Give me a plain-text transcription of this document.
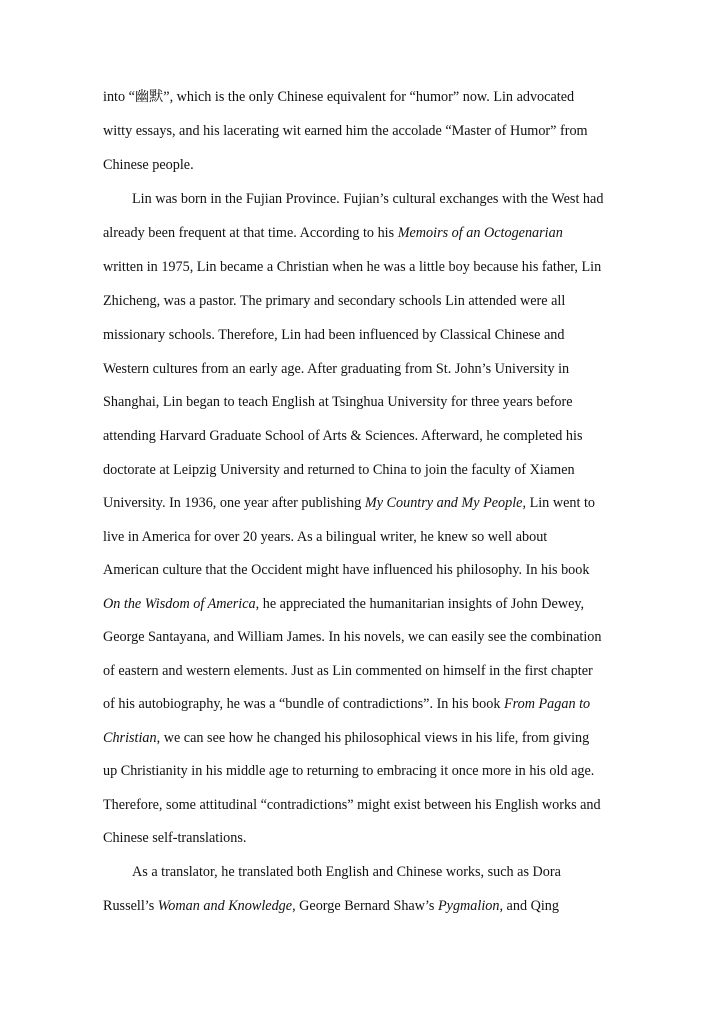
into “幽默”, which is the only Chinese equivalent for “humor” now. Lin advocated
witty essays, and his lacerating wit earned him the accolade “Master of Humor” from
Chinese people.
Lin was born in the Fujian Province. Fujian’s cultural exchanges with the West had
already been frequent at that time. According to his Memoirs of an Octogenarian
written in 1975, Lin became a Christian when he was a little boy because his father, Lin
Zhicheng, was a pastor. The primary and secondary schools Lin attended were all
missionary schools. Therefore, Lin had been influenced by Classical Chinese and
Western cultures from an early age. After graduating from St. John’s University in
Shanghai, Lin began to teach English at Tsinghua University for three years before
attending Harvard Graduate School of Arts & Sciences. Afterward, he completed his
doctorate at Leipzig University and returned to China to join the faculty of Xiamen
University. In 1936, one year after publishing My Country and My People, Lin went to
live in America for over 20 years. As a bilingual writer, he knew so well about
American culture that the Occident might have influenced his philosophy. In his book
On the Wisdom of America, he appreciated the humanitarian insights of John Dewey,
George Santayana, and William James. In his novels, we can easily see the combination
of eastern and western elements. Just as Lin commented on himself in the first chapter
of his autobiography, he was a “bundle of contradictions”. In his book From Pagan to
Christian, we can see how he changed his philosophical views in his life, from giving
up Christianity in his middle age to returning to embracing it once more in his old age.
Therefore, some attitudinal “contradictions” might exist between his English works and
Chinese self-translations.
As a translator, he translated both English and Chinese works, such as Dora
Russell’s Woman and Knowledge, George Bernard Shaw’s Pygmalion, and Qing
